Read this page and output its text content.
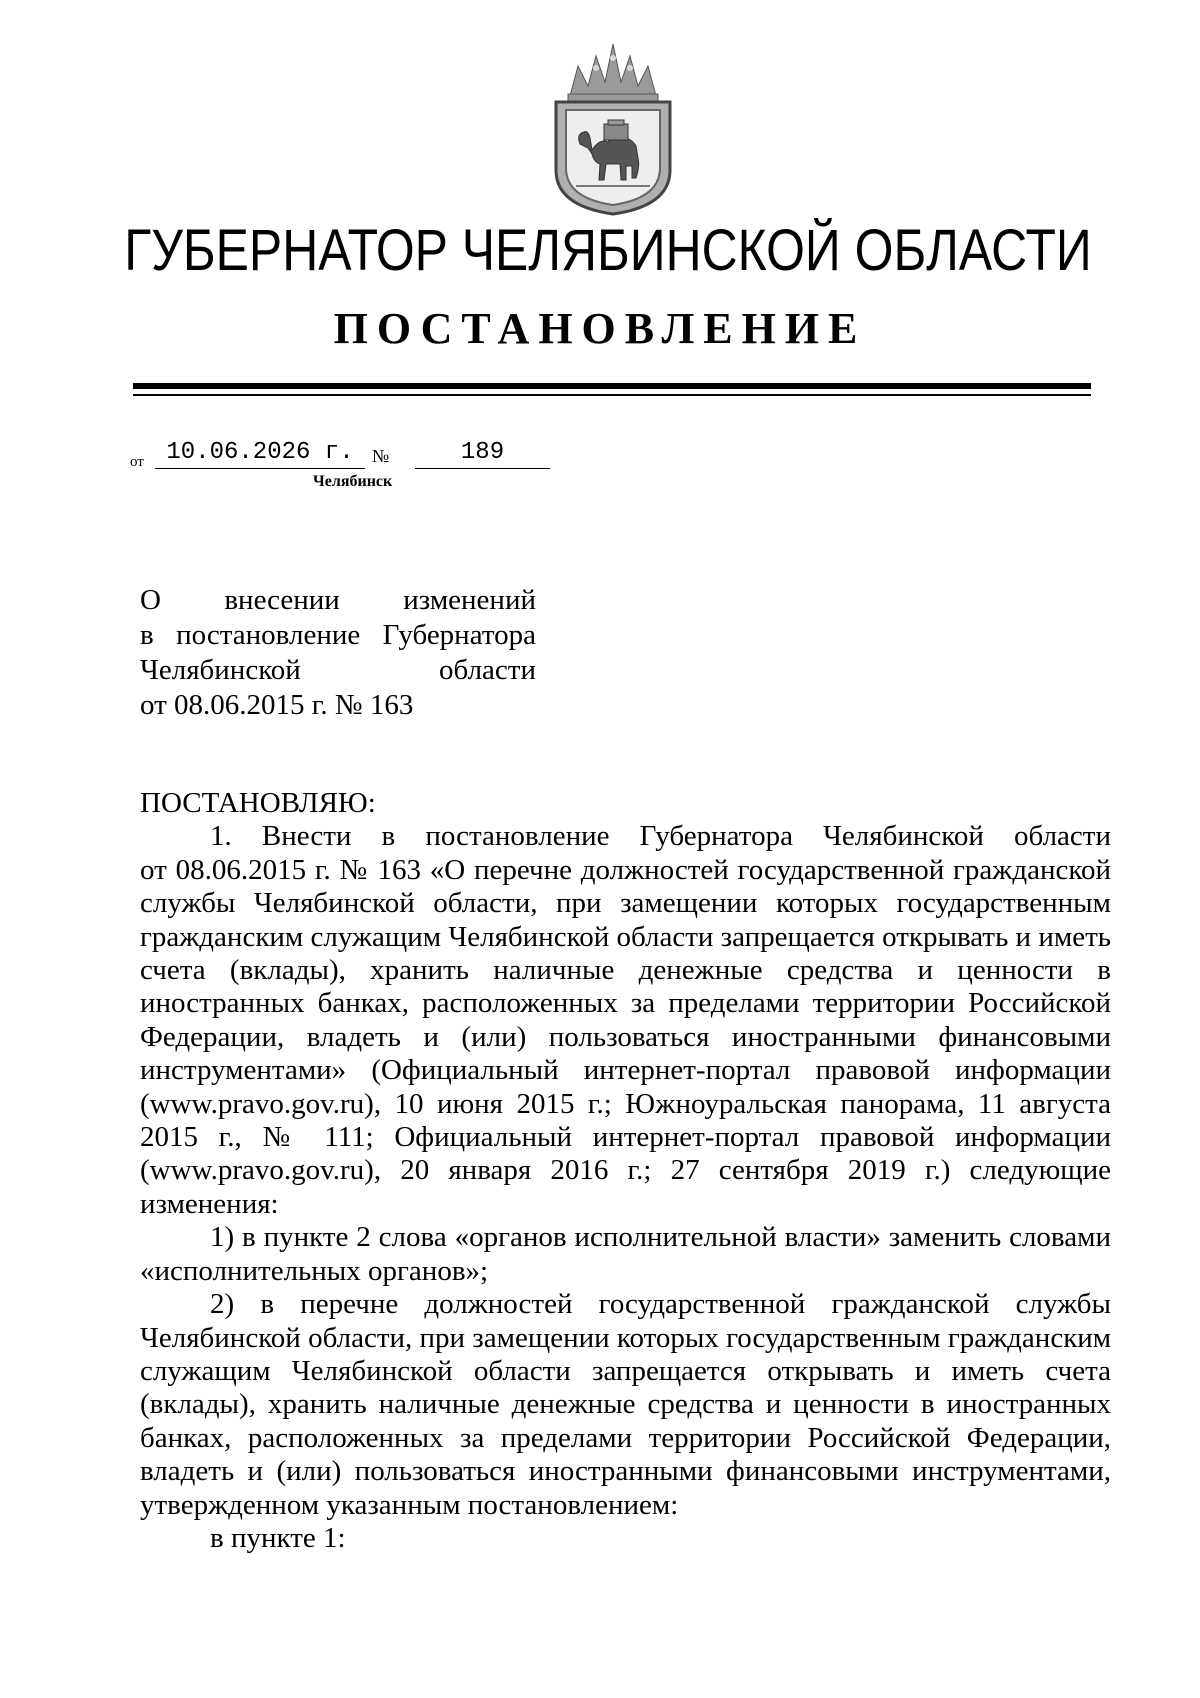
ГУБЕРНАТОР ЧЕЛЯБИНСКОЙ ОБЛАСТИ
ПОСТАНОВЛЕНИЕ
от 10.06.2026 г.	№	189
Челябинск
О внесении изменений
в постановление Губернатора
Челябинской области
от 08.06.2015 г. № 163
ПОСТАНОВЛЯЮ:
1. Внести в постановление Губернатора Челябинской области
от 08.06.2015 г. № 163 «О перечне должностей государственной гражданской
службы Челябинской области, при замещении которых государственным
гражданским служащим Челябинской области запрещается открывать и иметь
счета (вклады), хранить наличные денежные средства и ценности в
иностранных банках, расположенных за пределами территории Российской
Федерации, владеть и (или) пользоваться иностранными финансовыми
инструментами» (Официальный интернет-портал правовой информации
(www.pravo.gov.ru), 10 июня 2015 г.; Южноуральская панорама, 11 августа
2015 г., № 111; Официальный интернет-портал правовой информации
(www.pravo.gov.ru), 20 января 2016 г.; 27 сентября 2019 г.) следующие
изменения:
1) в пункте 2 слова «органов исполнительной власти» заменить словами
«исполнительных органов»;
2) в перечне должностей государственной гражданской службы
Челябинской области, при замещении которых государственным гражданским
служащим Челябинской области запрещается открывать и иметь счета
(вклады), хранить наличные денежные средства и ценности в иностранных
банках, расположенных за пределами территории Российской Федерации,
владеть и (или) пользоваться иностранными финансовыми инструментами,
утвержденном указанным постановлением:
в пункте 1:
